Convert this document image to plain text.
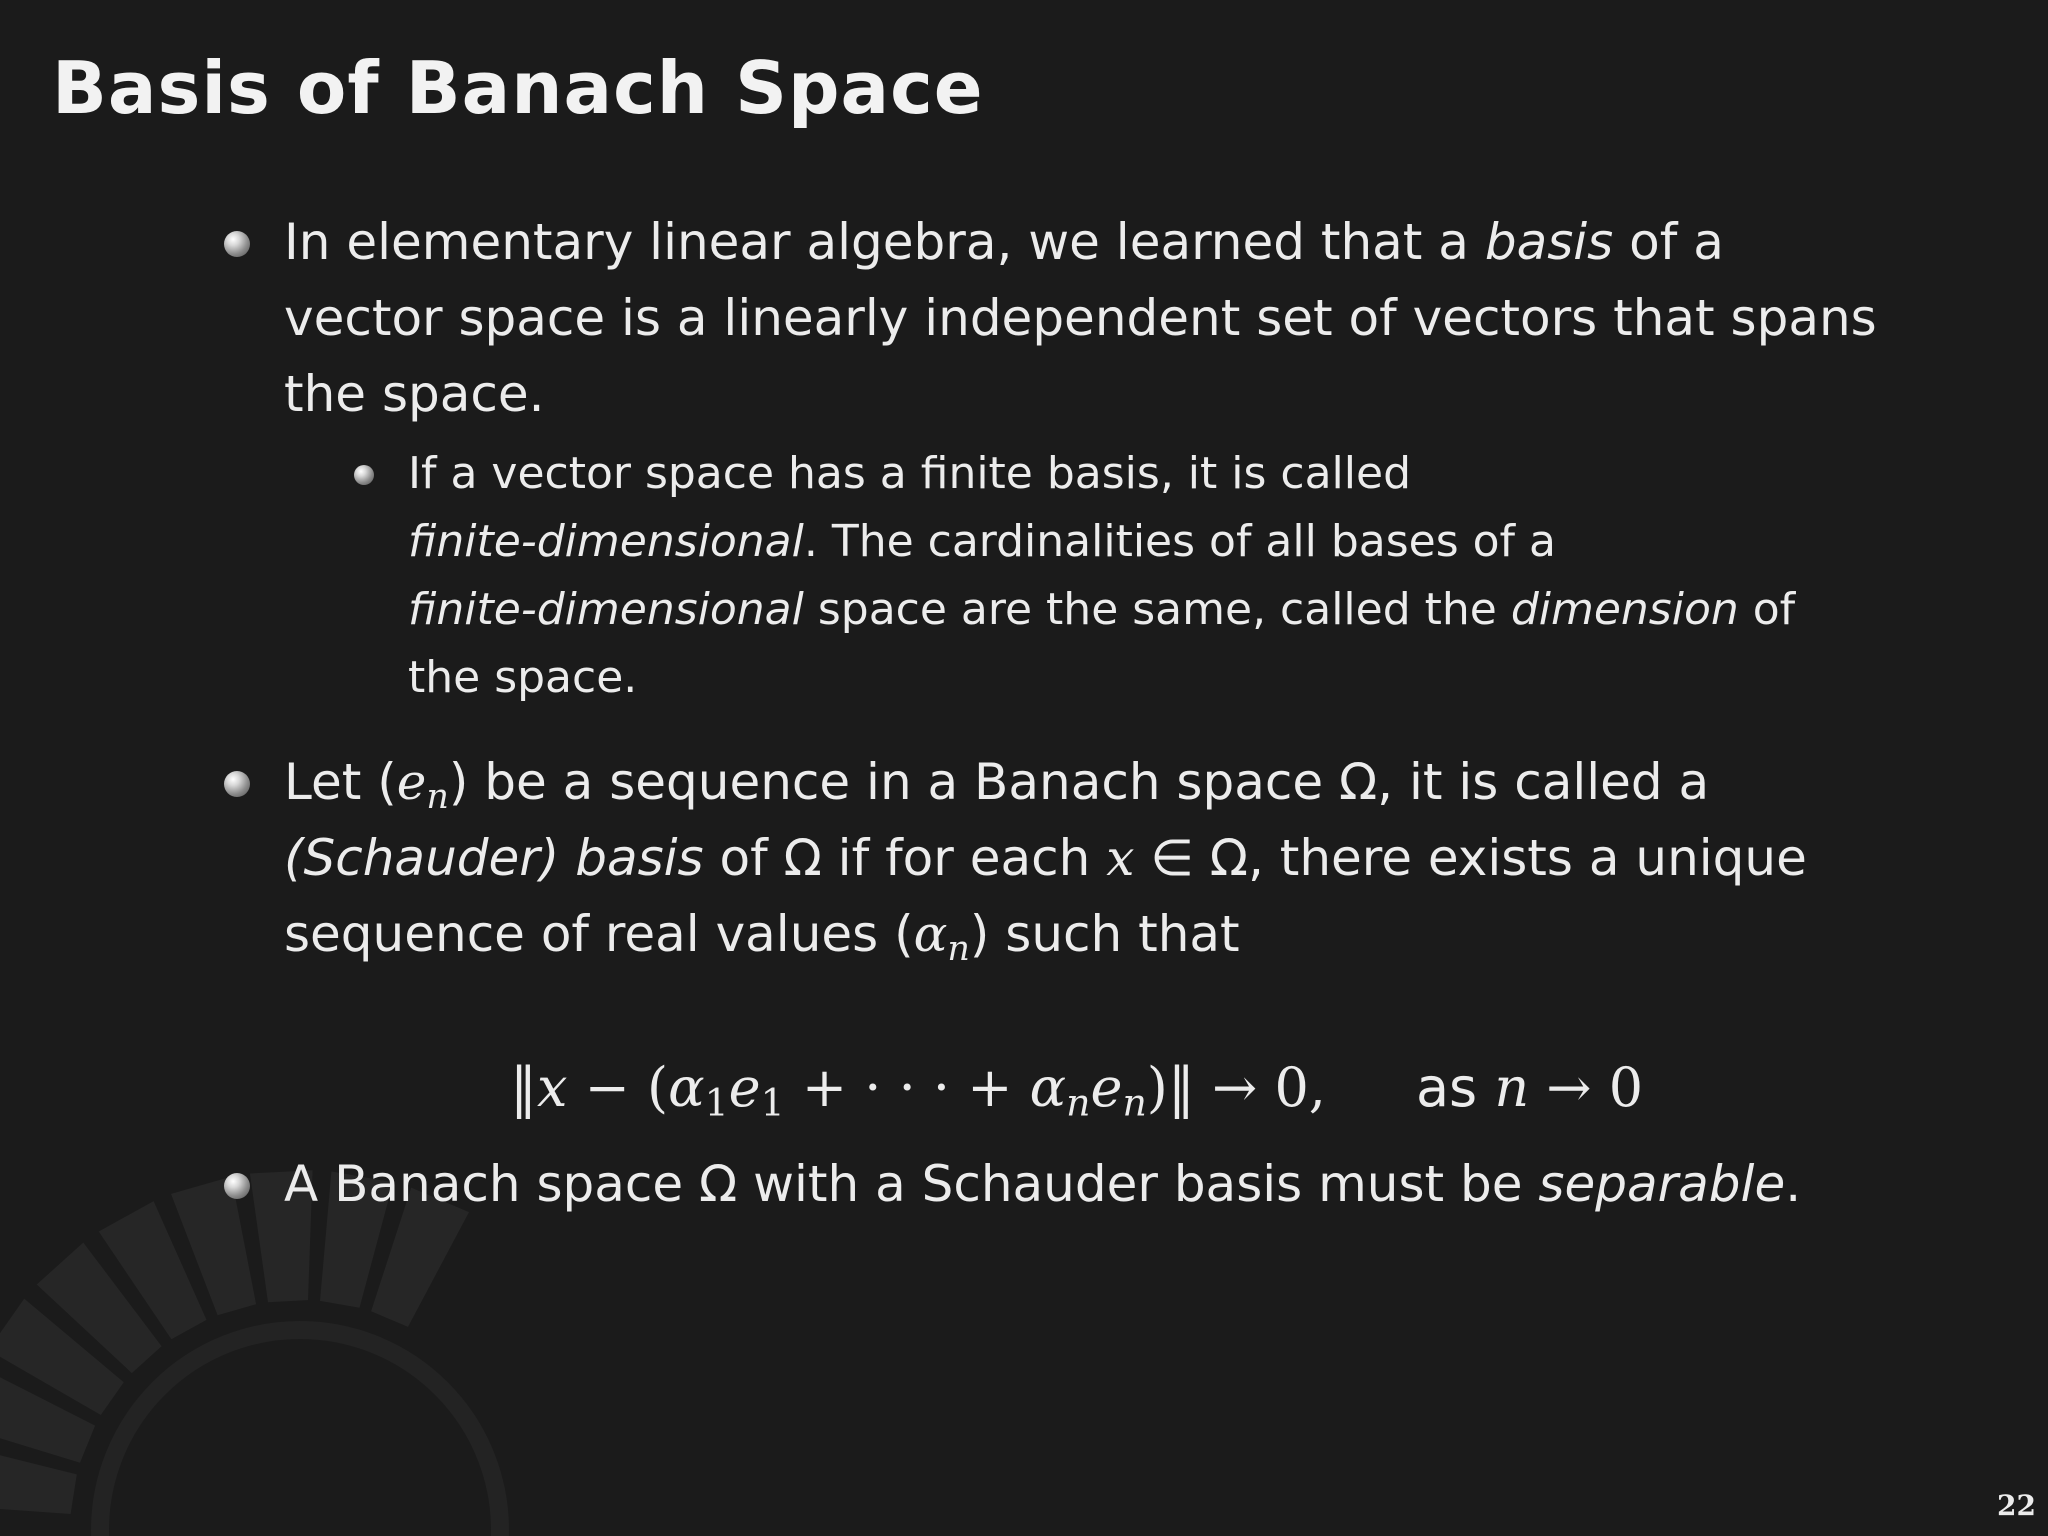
Basis of Banach Space
In elementary linear algebra, we learned that a basis of a
vector space is a linearly independent set of vectors that spans
the space.
If a vector space has a finite basis, it is called
finite-dimensional. The cardinalities of all bases of a
finite-dimensional space are the same, called the dimension of
the space.
Let $(e_n)$ be a sequence in a Banach space Ω, it is called a
(Schauder) basis of Ω if for each x ∈ Ω, there exists a unique
sequence of real values $(\alpha_n)$ such that
‖x − ($\alpha_1e_1$ + · · · + $\alpha_ne_n)‖ \to 0$, as n → 0
A Banach space Ω with a Schauder basis must be separable.
22
